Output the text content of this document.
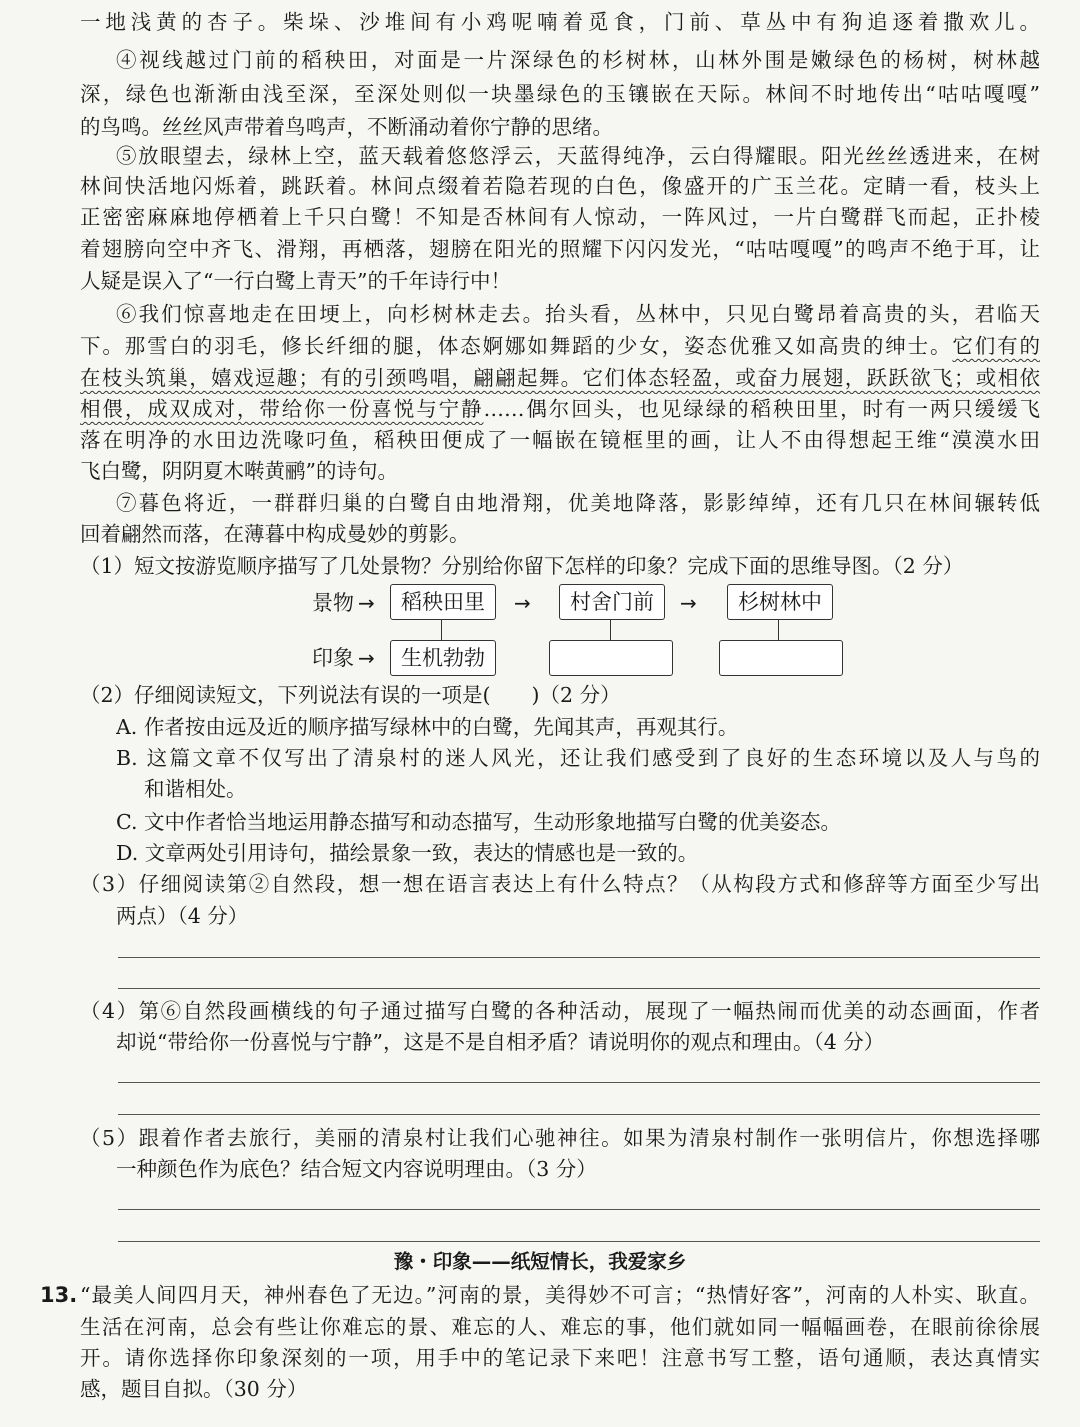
一地浅黄的杏子。柴垛、沙堆间有小鸡呢喃着觅食，门前、草丛中有狗追逐着撒欢儿。
④视线越过门前的稻秧田，对面是一片深绿色的杉树林，山林外围是嫩绿色的杨树，树林越
深，绿色也渐渐由浅至深，至深处则似一块墨绿色的玉镶嵌在天际。林间不时地传出“咕咕嘎嘎”
的鸟鸣。丝丝风声带着鸟鸣声，不断涌动着你宁静的思绪。
⑤放眼望去，绿林上空，蓝天载着悠悠浮云，天蓝得纯净，云白得耀眼。阳光丝丝透进来，在树
林间快活地闪烁着，跳跃着。林间点缀着若隐若现的白色，像盛开的广玉兰花。定睛一看，枝头上
正密密麻麻地停栖着上千只白鹭！不知是否林间有人惊动，一阵风过，一片白鹭群飞而起，正扑棱
着翅膀向空中齐飞、滑翔，再栖落，翅膀在阳光的照耀下闪闪发光，“咕咕嘎嘎”的鸣声不绝于耳，让
人疑是误入了“一行白鹭上青天”的千年诗行中！
⑥我们惊喜地走在田埂上，向杉树林走去。抬头看，丛林中，只见白鹭昂着高贵的头，君临天
下。那雪白的羽毛，修长纤细的腿，体态婀娜如舞蹈的少女，姿态优雅又如高贵的绅士。它们有的
在枝头筑巢，嬉戏逗趣；有的引颈鸣唱，翩翩起舞。它们体态轻盈，或奋力展翅，跃跃欲飞；或相依
相偎，成双成对，带给你一份喜悦与宁静……偶尔回头，也见绿绿的稻秧田里，时有一两只缓缓飞
落在明净的水田边洗喙叼鱼，稻秧田便成了一幅嵌在镜框里的画，让人不由得想起王维“漠漠水田
飞白鹭，阴阴夏木啭黄鹂”的诗句。
⑦暮色将近，一群群归巢的白鹭自由地滑翔，优美地降落，影影绰绰，还有几只在林间辗转低
回着翩然而落，在薄暮中构成曼妙的剪影。
（1）短文按游览顺序描写了几处景物？分别给你留下怎样的印象？完成下面的思维导图。（2 分）
景物 →	稻秧田里	→	村舍门前	→	杉树林中
印象 →	生机勃勃
（2）仔细阅读短文，下列说法有误的一项是(　　)（2 分）
A. 作者按由远及近的顺序描写绿林中的白鹭，先闻其声，再观其行。
B. 这篇文章不仅写出了清泉村的迷人风光，还让我们感受到了良好的生态环境以及人与鸟的
和谐相处。
C. 文中作者恰当地运用静态描写和动态描写，生动形象地描写白鹭的优美姿态。
D. 文章两处引用诗句，描绘景象一致，表达的情感也是一致的。
（3）仔细阅读第②自然段，想一想在语言表达上有什么特点？（从构段方式和修辞等方面至少写出
两点）（4 分）
（4）第⑥自然段画横线的句子通过描写白鹭的各种活动，展现了一幅热闹而优美的动态画面，作者
却说“带给你一份喜悦与宁静”，这是不是自相矛盾？请说明你的观点和理由。（4 分）
（5）跟着作者去旅行，美丽的清泉村让我们心驰神往。如果为清泉村制作一张明信片，你想选择哪
一种颜色作为底色？结合短文内容说明理由。（3 分）
豫・印象——纸短情长，我爱家乡
13. “最美人间四月天，神州春色了无边。”河南的景，美得妙不可言；“热情好客”，河南的人朴实、耿直。
生活在河南，总会有些让你难忘的景、难忘的人、难忘的事，他们就如同一幅幅画卷，在眼前徐徐展
开。请你选择你印象深刻的一项，用手中的笔记录下来吧！注意书写工整，语句通顺，表达真情实
感，题目自拟。（30 分）
